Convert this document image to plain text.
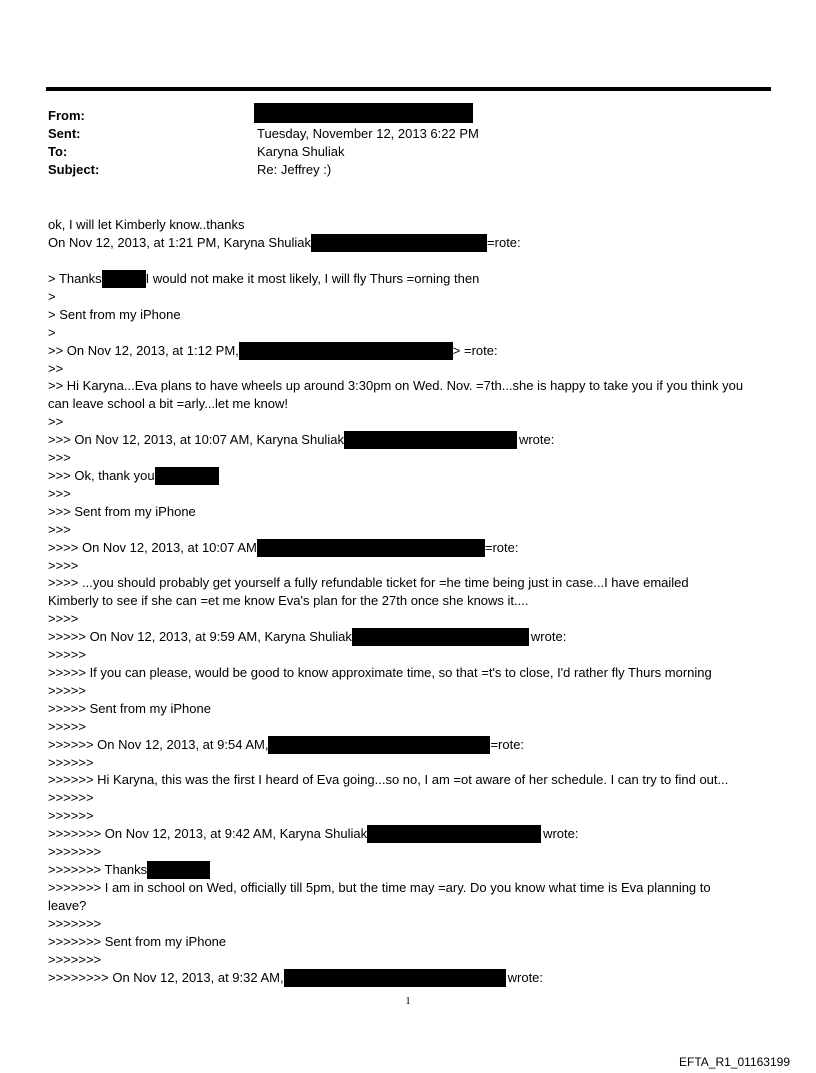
From:
Sent:	Tuesday, November 12, 2013 6:22 PM
To:	Karyna Shuliak
Subject:	Re: Jeffrey :)
ok, I will let Kimberly know..thanks
On Nov 12, 2013, at 1:21 PM, Karyna Shuliak	=rote:
> Thanks	I would not make it most likely, I will fly Thurs =orning then
>
> Sent from my iPhone
>
>> On Nov 12, 2013, at 1:12 PM,	> =rote:
>>
>> Hi Karyna...Eva plans to have wheels up around 3:30pm on Wed. Nov. =7th...she is happy to take you if you think you
can leave school a bit =arly...let me know!
>>
>>> On Nov 12, 2013, at 10:07 AM, Karyna Shuliak	wrote:
>>>
>>> Ok, thank you
>>>
>>> Sent from my iPhone
>>>
>>>> On Nov 12, 2013, at 10:07 AM	=rote:
>>>>
>>>> ...you should probably get yourself a fully refundable ticket for =he time being just in case...I have emailed
Kimberly to see if she can =et me know Eva's plan for the 27th once she knows it....
>>>>
>>>>> On Nov 12, 2013, at 9:59 AM, Karyna Shuliak	wrote:
>>>>>
>>>>> If you can please, would be good to know approximate time, so that =t's to close, I'd rather fly Thurs morning
>>>>>
>>>>> Sent from my iPhone
>>>>>
>>>>>> On Nov 12, 2013, at 9:54 AM,	=rote:
>>>>>>
>>>>>> Hi Karyna, this was the first I heard of Eva going...so no, I am =ot aware of her schedule. I can try to find out...
>>>>>>
>>>>>>
>>>>>>> On Nov 12, 2013, at 9:42 AM, Karyna Shuliak	wrote:
>>>>>>>
>>>>>>> Thanks
>>>>>>> I am in school on Wed, officially till 5pm, but the time may =ary. Do you know what time is Eva planning to
leave?
>>>>>>>
>>>>>>> Sent from my iPhone
>>>>>>>
>>>>>>>> On Nov 12, 2013, at 9:32 AM,	wrote:
1
EFTA_R1_01163199
